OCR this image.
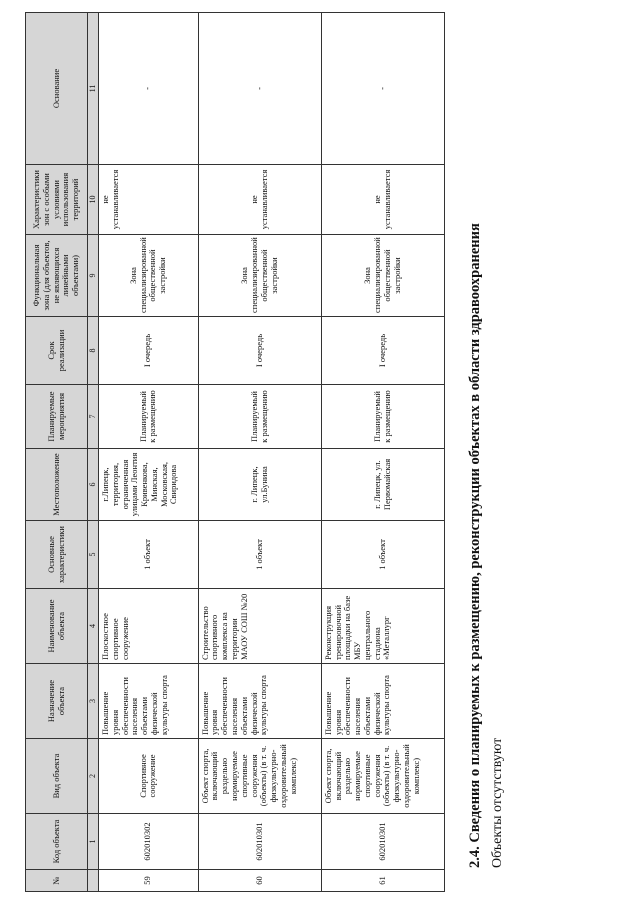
№	Код объекта	Вид объекта	Назначение объекта	Наименование объекта	Основные характеристики	Местоположение	Планируемые мероприятия	Срок реализации	Функциональная зона (для объектов, не являющихся линейными объектами)	Характеристики зон с особыми условиями использования территорий	Основание
	1	2	3	4	5	6	7	8	9	10	11
59	602010302	Спортивное сооружение	Повышение уровня обеспеченности населения объектами физической культуры спорта	Плоскостное спортивное сооружение	1 объект	г.Липецк, территория, ограниченная улицами Леонтия Кривенкова, Минская, Московская, Свиридова	Планируемый к размещению	I очередь	Зона специализированной общественной застройки	не устанавливается	-
60	602010301	Объект спорта, включающий раздельно нормируемые спортивные сооружения (объекты) (в т. ч. физкультурно-оздоровительный комплекс)	Повышение уровня обеспеченности населения объектами физической культуры спорта	Строительство спортивного комплекса на территории МАОУ СОШ №20	1 объект	г. Липецк, ул.Бунина	Планируемый к размещению	I очередь	Зона специализированной общественной застройки	не устанавливается	-
61	602010301	Объект спорта, включающий раздельно нормируемые спортивные сооружения (объекты) (в т. ч. физкультурно-оздоровительный комплекс)	Повышение уровня обеспеченности населения объектами физической культуры спорта	Реконструкция тренировочной площадки на базе МБУ центрального стадиона «Металлург	1 объект	г. Липецк, ул. Первомайская	Планируемый к размещению	I очередь	Зона специализированной общественной застройки	не устанавливается	-
2.4. Сведения о планируемых к размещению, реконструкции объектах в области здравоохранения Объекты отсутствуют
